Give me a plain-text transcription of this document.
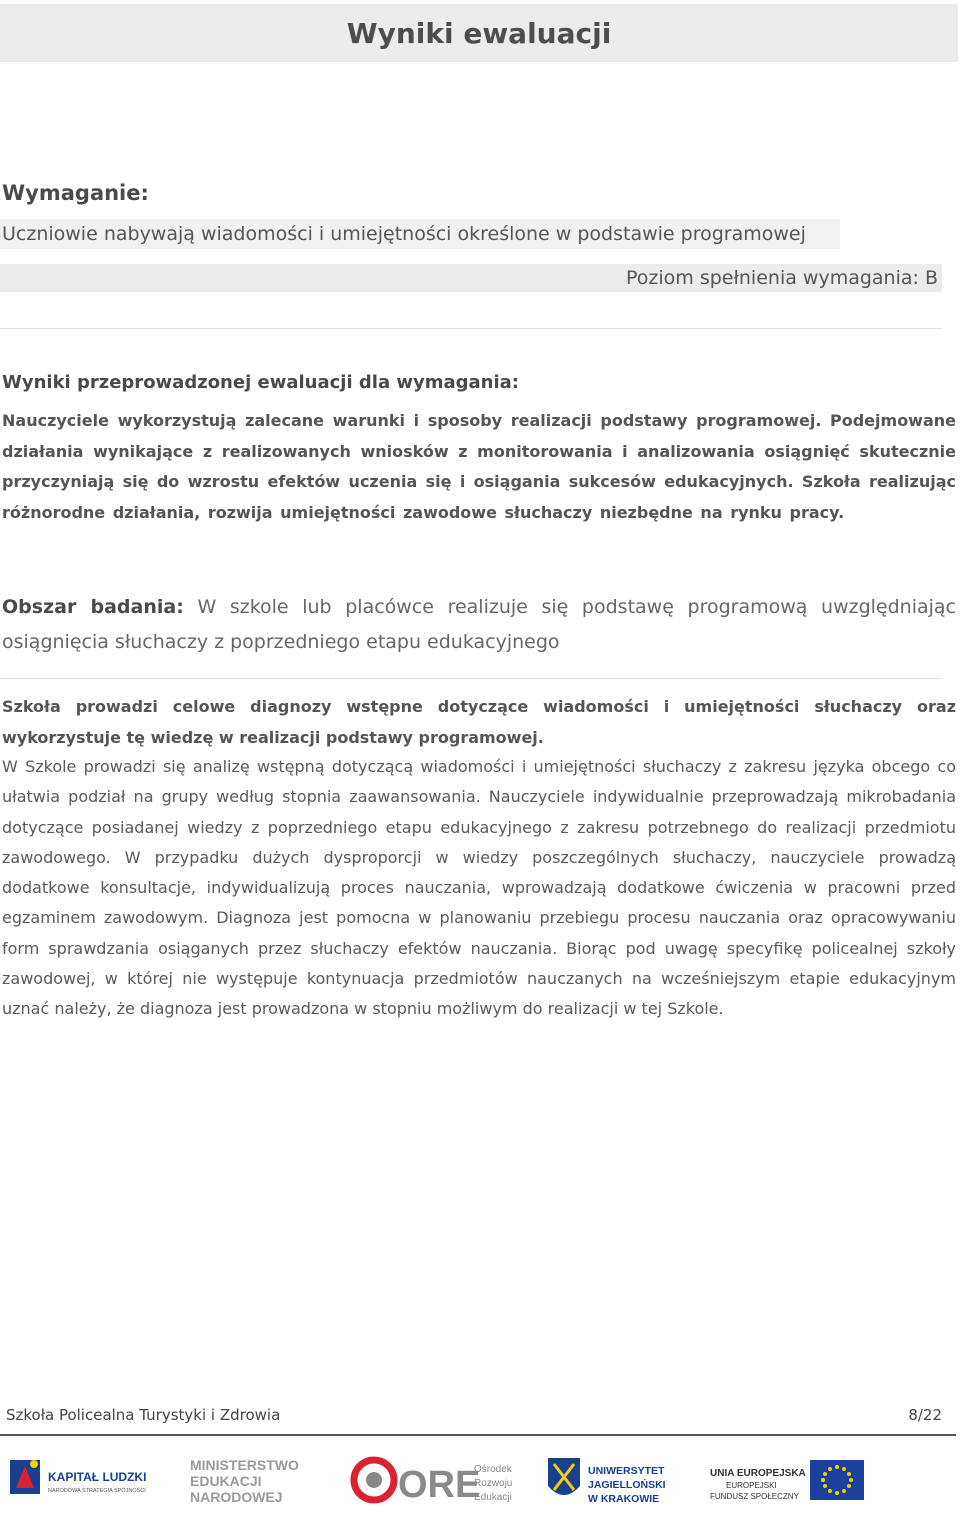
Wyniki ewaluacji
Wymaganie:
Uczniowie nabywają wiadomości i umiejętności określone w podstawie programowej
Poziom spełnienia wymagania: B
Wyniki przeprowadzonej ewaluacji dla wymagania:

Nauczyciele wykorzystują zalecane warunki i sposoby realizacji podstawy programowej. Podejmowane działania wynikające z realizowanych wniosków z monitorowania i analizowania osiągnięć skutecznie przyczyniają się do wzrostu efektów uczenia się i osiągania sukcesów edukacyjnych. Szkoła realizując różnorodne działania, rozwija umiejętności zawodowe słuchaczy niezbędne na rynku pracy.

Obszar badania: W szkole lub placówce realizuje się podstawę programową uwzględniając osiągnięcia słuchaczy z poprzedniego etapu edukacyjnego

Szkoła prowadzi celowe diagnozy wstępne dotyczące wiadomości i umiejętności słuchaczy oraz wykorzystuje tę wiedzę w realizacji podstawy programowej.

W Szkole prowadzi się analizę wstępną dotyczącą wiadomości i umiejętności słuchaczy z zakresu języka obcego co ułatwia podział na grupy według stopnia zaawansowania. Nauczyciele indywidualnie przeprowadzają mikrobadania dotyczące posiadanej wiedzy z poprzedniego etapu edukacyjnego z zakresu potrzebnego do realizacji przedmiotu zawodowego. W przypadku dużych dysproporcji w wiedzy poszczególnych słuchaczy, nauczyciele prowadzą dodatkowe konsultacje, indywidualizują proces nauczania, wprowadzają dodatkowe ćwiczenia w pracowni przed egzaminem zawodowym. Diagnoza jest pomocna w planowaniu przebiegu procesu nauczania oraz opracowywaniu form sprawdzania osiąganych przez słuchaczy efektów nauczania. Biorąc pod uwagę specyfikę policealnej szkoły zawodowej, w której nie występuje kontynuacja przedmiotów nauczanych na wcześniejszym etapie edukacyjnym uznać należy, że diagnoza jest prowadzona w stopniu możliwym do realizacji w tej Szkole.

Szkoła Policealna Turystyki i Zdrowia	8/22
KAPITAŁ LUDZKI
NARODOWA STRATEGIA SPÓJNOŚCI
MINISTERSTWO
EDUKACJI
NARODOWEJ	ORE
Ośrodek
Rozwoju
Edukacji
UNIWERSYTET
JAGIELLOŃSKI
W KRAKOWIE
UNIA EUROPEJSKA
EUROPEJSKI
FUNDUSZ SPOŁECZNY
